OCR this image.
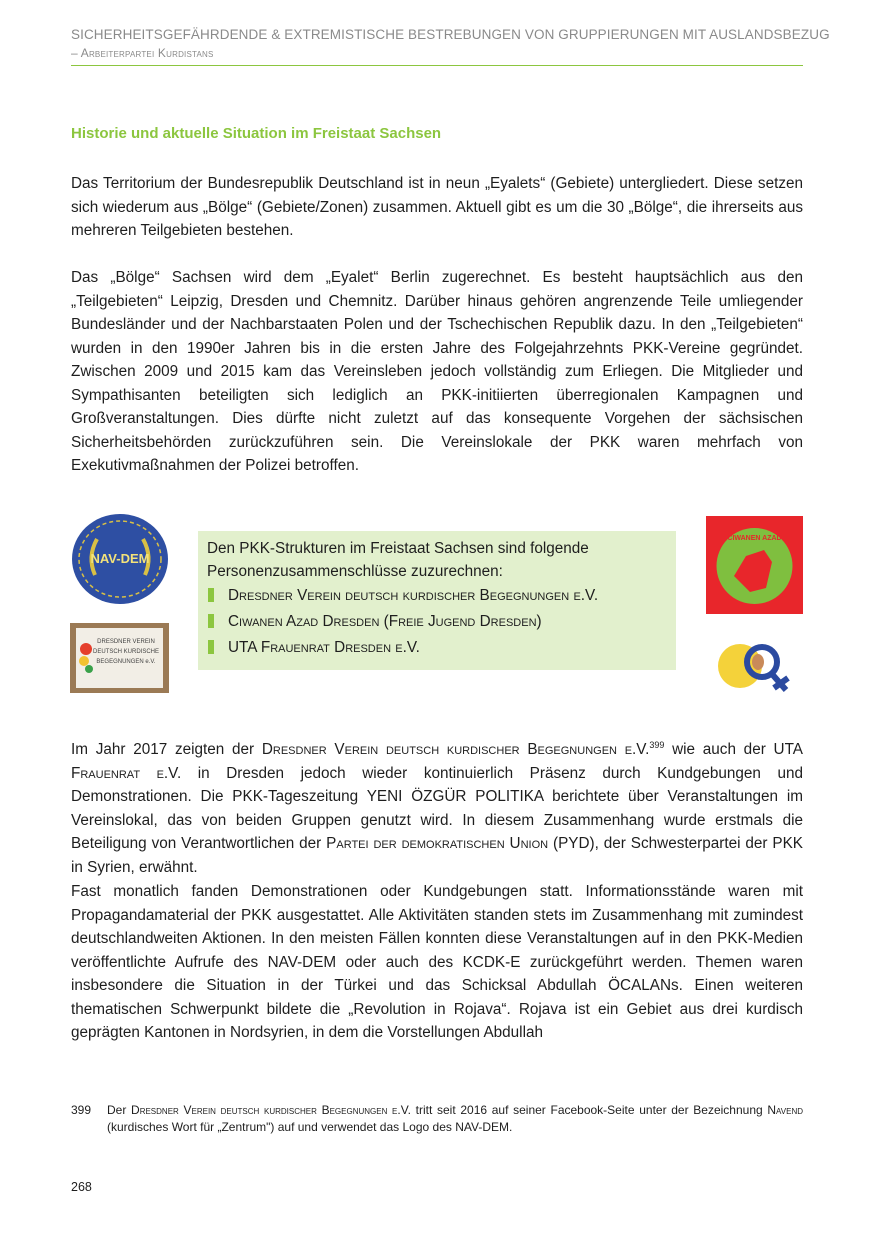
SICHERHEITSGEFÄHRDENDE & EXTREMISTISCHE BESTREBUNGEN VON GRUPPIERUNGEN MIT AUSLANDSBEZUG
– Arbeiterpartei Kurdistans
Historie und aktuelle Situation im Freistaat Sachsen

Das Territorium der Bundesrepublik Deutschland ist in neun „Eyalets“ (Gebiete) untergliedert. Diese setzen sich wiederum aus „Bölge“ (Gebiete/Zonen) zusammen. Aktuell gibt es um die 30 „Bölge“, die ihrerseits aus mehreren Teilgebieten bestehen.

Das „Bölge“ Sachsen wird dem „Eyalet“ Berlin zugerechnet. Es besteht hauptsächlich aus den „Teilgebieten“ Leipzig, Dresden und Chemnitz. Darüber hinaus gehören angrenzende Teile umliegender Bundesländer und der Nachbarstaaten Polen und der Tschechischen Republik dazu. In den „Teilgebieten“ wurden in den 1990er Jahren bis in die ersten Jahre des Folgejahrzehnts PKK-Vereine gegründet. Zwischen 2009 und 2015 kam das Vereinsleben jedoch vollständig zum Erliegen. Die Mitglieder und Sympathisanten beteiligten sich lediglich an PKK-initiierten überregionalen Kampagnen und Großveranstaltungen. Dies dürfte nicht zuletzt auf das konsequente Vorgehen der sächsischen Sicherheitsbehörden zurückzuführen sein. Die Vereinslokale der PKK waren mehrfach von Exekutivmaßnahmen der Polizei betroffen.

NAV-DEM
DRESDNER VEREIN
DEUTSCH KURDISCHE
BEGEGNUNGEN e.V.

Den PKK-Strukturen im Freistaat Sachsen sind folgende Personenzusammenschlüsse zuzurechnen:

Dresdner Verein deutsch kurdischer Begegnungen e.V.
Ciwanen Azad Dresden (Freie Jugend Dresden)
UTA Frauenrat Dresden e.V.
CIWANEN AZAD

Im Jahr 2017 zeigten der Dresdner Verein deutsch kurdischer Begegnungen e.V.$^{399}$ wie auch der UTA Frauenrat e.V. in Dresden jedoch wieder kontinuierlich Präsenz durch Kundgebungen und Demonstrationen. Die PKK-Tageszeitung YENI ÖZGÜR POLITIKA berichtete über Veranstaltungen im Vereinslokal, das von beiden Gruppen genutzt wird. In diesem Zusammenhang wurde erstmals die Beteiligung von Verantwortlichen der Partei der demokratischen Union (PYD), der Schwesterpartei der PKK in Syrien, erwähnt.

Fast monatlich fanden Demonstrationen oder Kundgebungen statt. Informationsstände waren mit Propagandamaterial der PKK ausgestattet. Alle Aktivitäten standen stets im Zusammenhang mit zumindest deutschlandweiten Aktionen. In den meisten Fällen konnten diese Veranstaltungen auf in den PKK-Medien veröffentlichte Aufrufe des NAV-DEM oder auch des KCDK-E zurückgeführt werden. Themen waren insbesondere die Situation in der Türkei und das Schicksal Abdullah ÖCALANs. Einen weiteren thematischen Schwerpunkt bildete die „Revolution in Rojava“. Rojava ist ein Gebiet aus drei kurdisch geprägten Kantonen in Nordsyrien, in dem die Vorstellungen Abdullah

399 Der Dresdner Verein deutsch kurdischer Begegnungen e.V. tritt seit 2016 auf seiner Facebook-Seite unter der Bezeichnung Navend (kurdisches Wort für „Zentrum") auf und verwendet das Logo des NAV-DEM.
268
